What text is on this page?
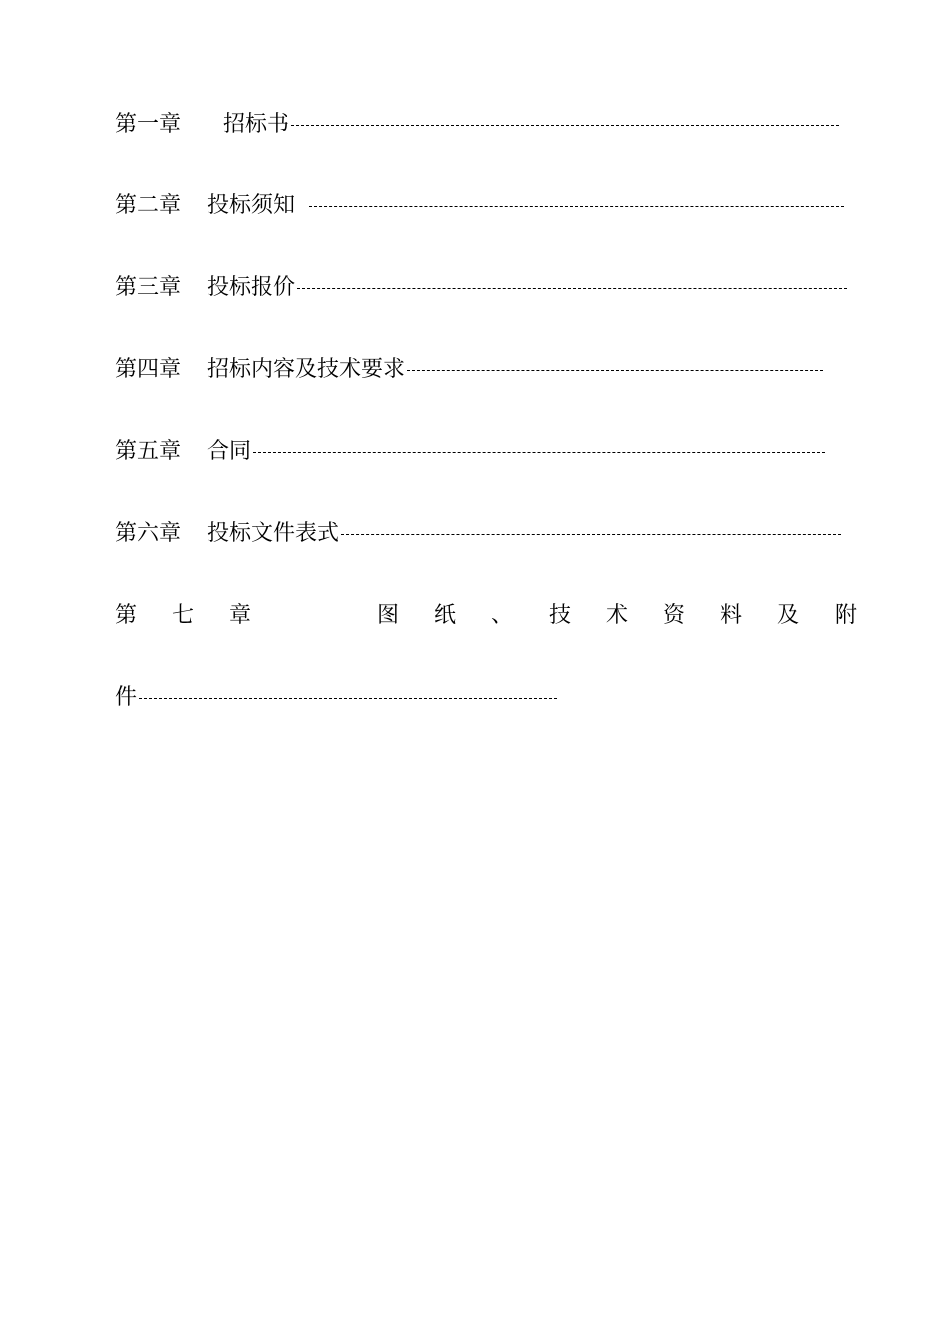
第一章 招标书
第二章 投标须知
第三章 投标报价
第四章 招标内容及技术要求
第五章 合同
第六章 投标文件表式
第 七 章	图 纸 、 技 术 资 料 及 附
件
